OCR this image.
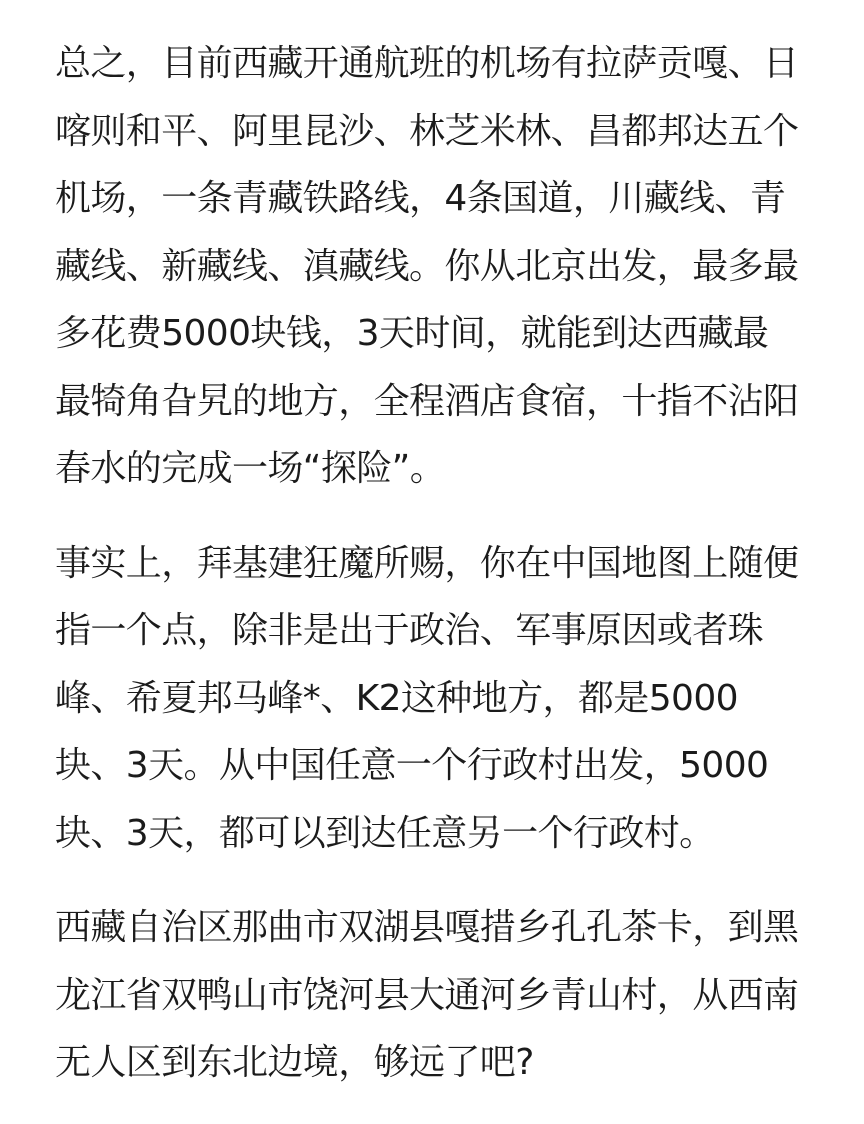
总之，目前西藏开通航班的机场有拉萨贡嘎、日
喀则和平、阿里昆沙、林芝米林、昌都邦达五个
机场，一条青藏铁路线，4条国道，川藏线、青
藏线、新藏线、滇藏线。你从北京出发，最多最
多花费5000块钱，3天时间，就能到达西藏最
最犄角旮旯的地方，全程酒店食宿，十指不沾阳
春水的完成一场“探险”。

事实上，拜基建狂魔所赐，你在中国地图上随便
指一个点，除非是出于政治、军事原因或者珠
峰、希夏邦马峰*、K2这种地方，都是5000
块、3天。从中国任意一个行政村出发，5000
块、3天，都可以到达任意另一个行政村。

西藏自治区那曲市双湖县嘎措乡孔孔茶卡，到黑
龙江省双鸭山市饶河县大通河乡青山村，从西南
无人区到东北边境，够远了吧?
